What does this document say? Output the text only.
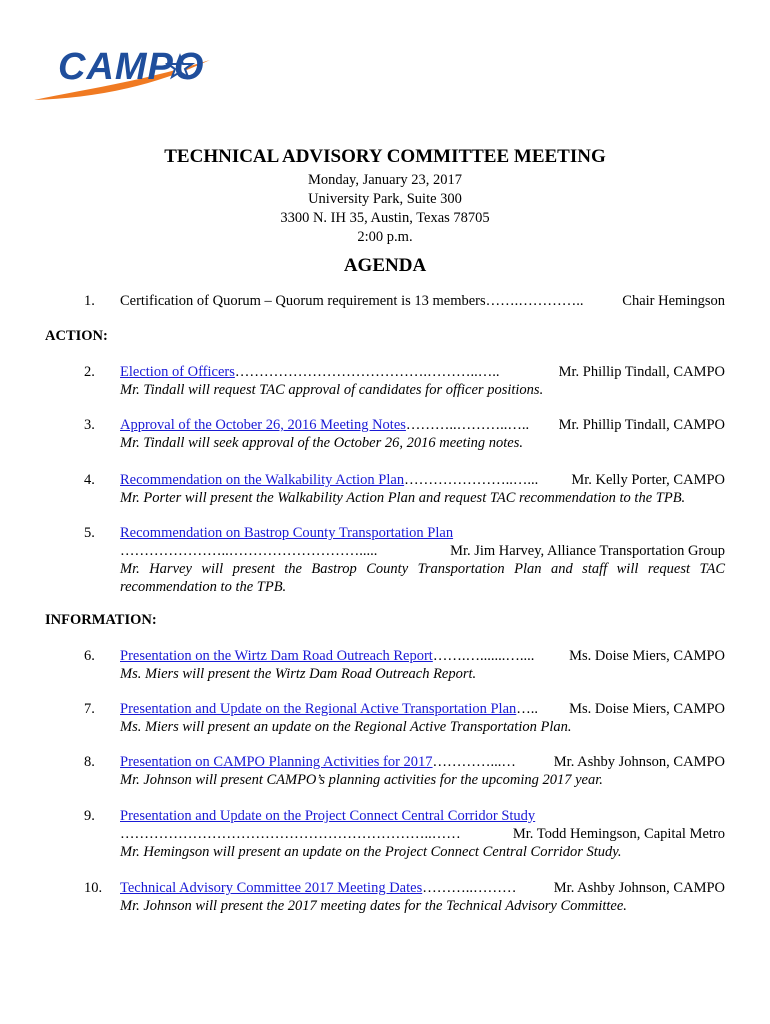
CAMPO
TECHNICAL ADVISORY COMMITTEE MEETING
Monday, January 23, 2017
University Park, Suite 300
3300 N. IH 35, Austin, Texas 78705
2:00 p.m.
AGENDA
1.	Certification of Quorum – Quorum requirement is 13 members …….…………..	Chair Hemingson
ACTION:
2.	Election of Officers ………………………………….………..…..	Mr. Phillip Tindall, CAMPO
Mr. Tindall will request TAC approval of candidates for officer positions.
3.	Approval of the October 26, 2016 Meeting Notes ………..………..…..	Mr. Phillip Tindall, CAMPO
Mr. Tindall will seek approval of the October 26, 2016 meeting notes.
4.	Recommendation on the Walkability Action Plan …………………..…...	Mr. Kelly Porter, CAMPO
Mr. Porter will present the Walkability Action Plan and request TAC recommendation to the TPB.
5.	Recommendation on Bastrop County Transportation Plan
…………………..……………………….....	Mr. Jim Harvey, Alliance Transportation Group
Mr. Harvey will present the Bastrop County Transportation Plan and staff will request TAC recommendation to the TPB.
INFORMATION:
6.	Presentation on the Wirtz Dam Road Outreach Report …….….......…....	Ms. Doise Miers, CAMPO
Ms. Miers will present the Wirtz Dam Road Outreach Report.
7.	Presentation and Update on the Regional Active Transportation Plan …..	Ms. Doise Miers, CAMPO
Ms. Miers will present an update on the Regional Active Transportation Plan.
8.	Presentation on CAMPO Planning Activities for 2017 …………...…	Mr. Ashby Johnson, CAMPO
Mr. Johnson will present CAMPO’s planning activities for the upcoming 2017 year.
9.	Presentation and Update on the Project Connect Central Corridor Study
………………………………………………………..……	Mr. Todd Hemingson, Capital Metro
Mr. Hemingson will present an update on the Project Connect Central Corridor Study.
10.	Technical Advisory Committee 2017 Meeting Dates ………..………	Mr. Ashby Johnson, CAMPO
Mr. Johnson will present the 2017 meeting dates for the Technical Advisory Committee.
